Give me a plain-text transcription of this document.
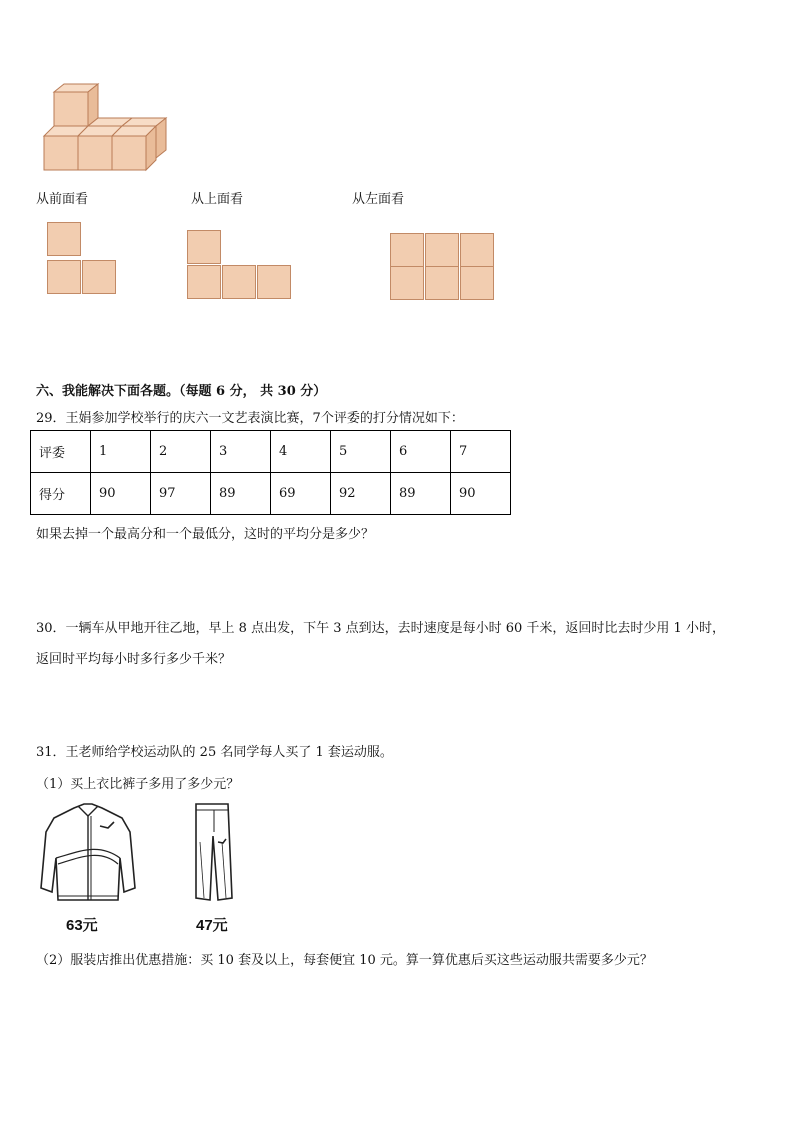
从前面看	从上面看	从左面看
六、我能解决下面各题。（每题 6 分， 共 30 分）
29．王娟参加学校举行的庆六一文艺表演比赛，7个评委的打分情况如下：
评委	1	2	3	4	5	6	7
得分	90	97	89	69	92	89	90
如果去掉一个最高分和一个最低分，这时的平均分是多少？
30．一辆车从甲地开往乙地，早上 8 点出发，下午 3 点到达，去时速度是每小时 60 千米，返回时比去时少用 1 小时，
返回时平均每小时多行多少千米？
31．王老师给学校运动队的 25 名同学每人买了 1 套运动服。
（1）买上衣比裤子多用了多少元？
63元	47元
（2）服装店推出优惠措施：买 10 套及以上，每套便宜 10 元。算一算优惠后买这些运动服共需要多少元？
